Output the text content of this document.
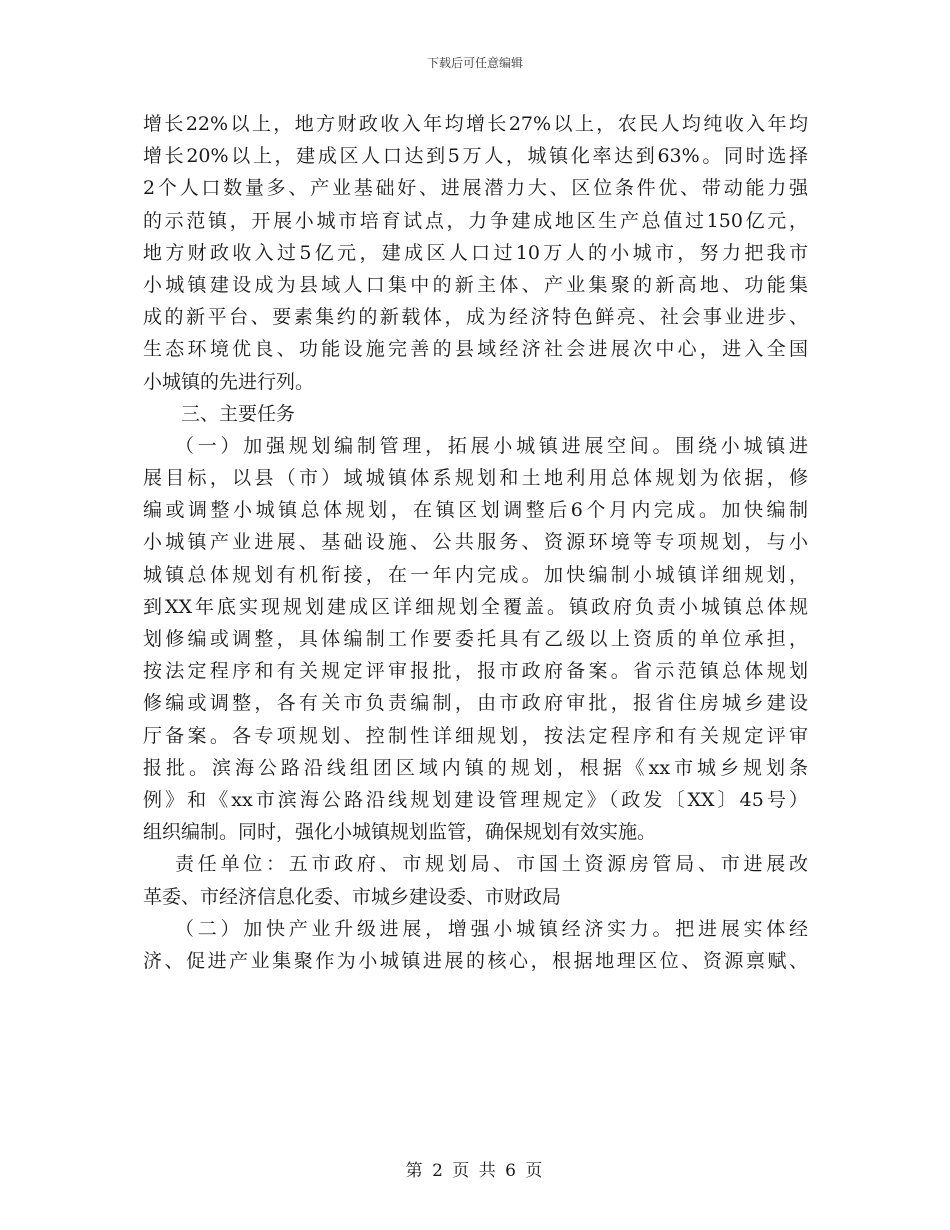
下载后可任意编辑
增长22%以上，地方财政收入年均增长27%以上，农民人均纯收入年均
增长20%以上，建成区人口达到5万人，城镇化率达到63%。同时选择
2个人口数量多、产业基础好、进展潜力大、区位条件优、带动能力强
的示范镇，开展小城市培育试点，力争建成地区生产总值过150亿元，
地方财政收入过5亿元，建成区人口过10万人的小城市，努力把我市
小城镇建设成为县域人口集中的新主体、产业集聚的新高地、功能集
成的新平台、要素集约的新载体，成为经济特色鲜亮、社会事业进步、
生态环境优良、功能设施完善的县域经济社会进展次中心，进入全国
小城镇的先进行列。
三、主要任务
（一）加强规划编制管理，拓展小城镇进展空间。围绕小城镇进
展目标，以县（市）域城镇体系规划和土地利用总体规划为依据，修
编或调整小城镇总体规划，在镇区划调整后6个月内完成。加快编制
小城镇产业进展、基础设施、公共服务、资源环境等专项规划，与小
城镇总体规划有机衔接，在一年内完成。加快编制小城镇详细规划，
到XX年底实现规划建成区详细规划全覆盖。镇政府负责小城镇总体规
划修编或调整，具体编制工作要委托具有乙级以上资质的单位承担，
按法定程序和有关规定评审报批，报市政府备案。省示范镇总体规划
修编或调整，各有关市负责编制，由市政府审批，报省住房城乡建设
厅备案。各专项规划、控制性详细规划，按法定程序和有关规定评审
报批。滨海公路沿线组团区域内镇的规划，根据《xx市城乡规划条
例》和《xx市滨海公路沿线规划建设管理规定》（政发〔XX〕45号）
组织编制。同时，强化小城镇规划监管，确保规划有效实施。
责任单位：五市政府、市规划局、市国土资源房管局、市进展改
革委、市经济信息化委、市城乡建设委、市财政局
（二）加快产业升级进展，增强小城镇经济实力。把进展实体经
济、促进产业集聚作为小城镇进展的核心，根据地理区位、资源禀赋、
第 2 页 共 6 页
